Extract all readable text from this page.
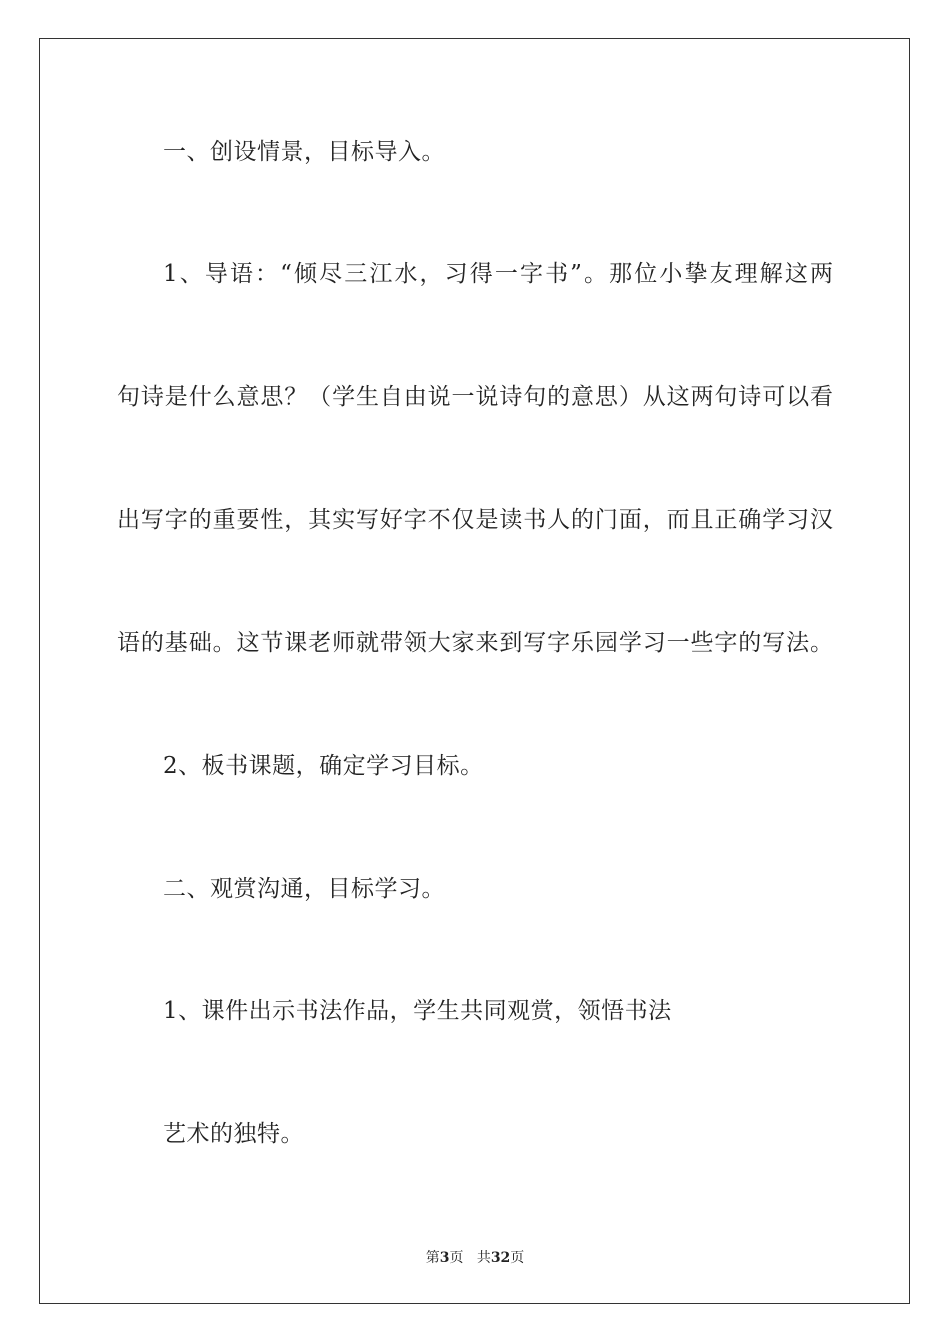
一、创设情景，目标导入。
1、导语：“倾尽三江水，习得一字书”。那位小挚友理解这两
句诗是什么意思？（学生自由说一说诗句的意思）从这两句诗可以看
出写字的重要性，其实写好字不仅是读书人的门面，而且正确学习汉
语的基础。这节课老师就带领大家来到写字乐园学习一些字的写法。
2、板书课题，确定学习目标。
二、观赏沟通，目标学习。
1、课件出示书法作品，学生共同观赏，领悟书法
艺术的独特。
第3页 共32页
